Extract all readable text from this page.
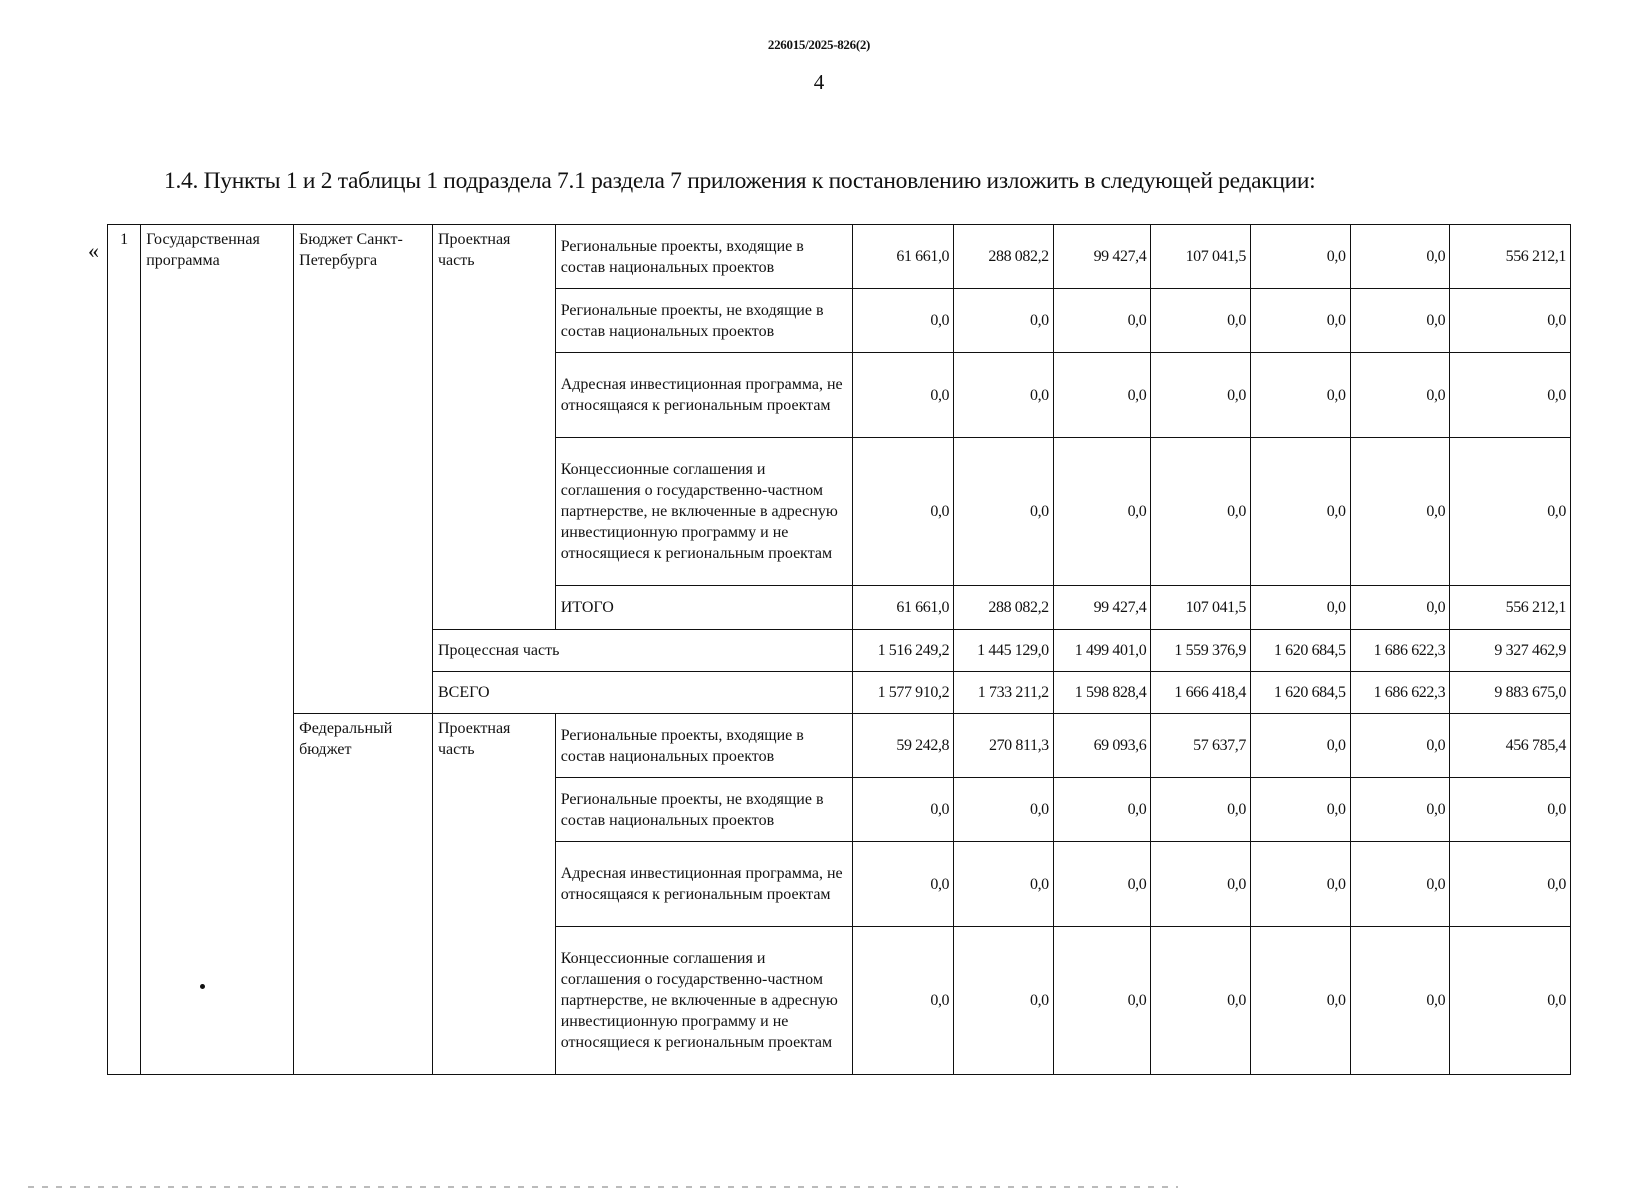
226015/2025-826(2)
4
1.4. Пункты 1 и 2 таблицы 1 подраздела 7.1 раздела 7 приложения к постановлению изложить в следующей редакции:
« 1	Государственная программа	Бюджет Санкт-Петербурга	Проектная часть	Региональные проекты, входящие в состав национальных проектов	61 661,0	288 082,2	99 427,4	107 041,5	0,0	0,0	556 212,1
				Региональные проекты, не входящие в состав национальных проектов	0,0	0,0	0,0	0,0	0,0	0,0	0,0
				Адресная инвестиционная программа, не относящаяся к региональным проектам	0,0	0,0	0,0	0,0	0,0	0,0	0,0
				Концессионные соглашения и соглашения о государственно-частном партнерстве, не включенные в адресную инвестиционную программу и не относящиеся к региональным проектам	0,0	0,0	0,0	0,0	0,0	0,0	0,0
				ИТОГО	61 661,0	288 082,2	99 427,4	107 041,5	0,0	0,0	556 212,1
			Процессная часть		1 516 249,2	1 445 129,0	1 499 401,0	1 559 376,9	1 620 684,5	1 686 622,3	9 327 462,9
			ВСЕГО		1 577 910,2	1 733 211,2	1 598 828,4	1 666 418,4	1 620 684,5	1 686 622,3	9 883 675,0
		Федеральный бюджет	Проектная часть	Региональные проекты, входящие в состав национальных проектов	59 242,8	270 811,3	69 093,6	57 637,7	0,0	0,0	456 785,4
				Региональные проекты, не входящие в состав национальных проектов	0,0	0,0	0,0	0,0	0,0	0,0	0,0
				Адресная инвестиционная программа, не относящаяся к региональным проектам	0,0	0,0	0,0	0,0	0,0	0,0	0,0
				Концессионные соглашения и соглашения о государственно-частном партнерстве, не включенные в адресную инвестиционную программу и не относящиеся к региональным проектам	0,0	0,0	0,0	0,0	0,0	0,0	0,0
